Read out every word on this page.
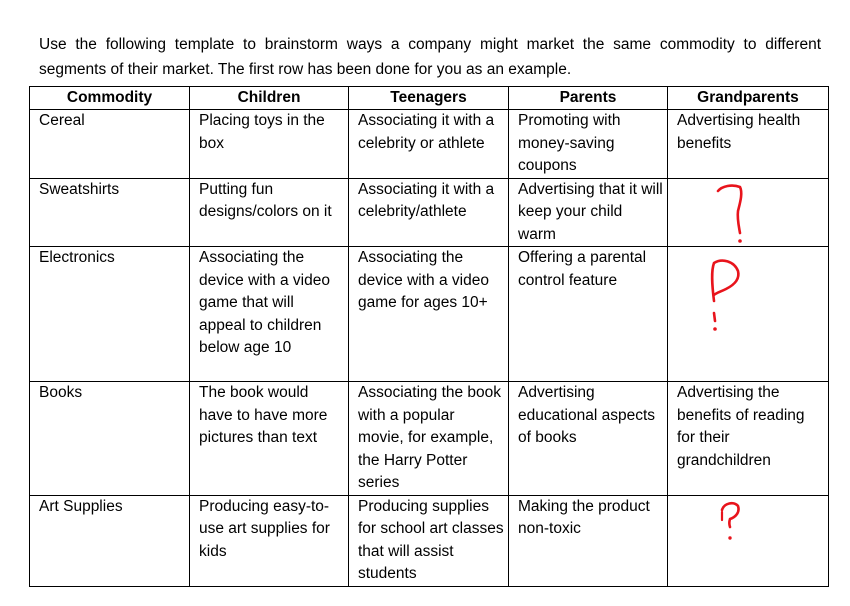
Use the following template to brainstorm ways a company might market the same commodity to different segments of their market. The first row has been done for you as an example.

Commodity	Children	Teenagers	Parents	Grandparents
Cereal	Placing toys in the box	Associating it with a celebrity or athlete	Promoting with money-saving coupons	Advertising health benefits
Sweatshirts	Putting fun designs/colors on it	Associating it with a celebrity/athlete	Advertising that it will keep your child warm	

Electronics	Associating the device with a video game that will appeal to children below age 10	Associating the device with a video game for ages 10+	Offering a parental control feature	

Books	The book would have to have more pictures than text	Associating the book with a popular movie, for example, the Harry Potter series	Advertising educational aspects of books	Advertising the benefits of reading for their grandchildren
Art Supplies	Producing easy-to-use art supplies for kids	Producing supplies for school art classes that will assist students	Making the product non-toxic	
